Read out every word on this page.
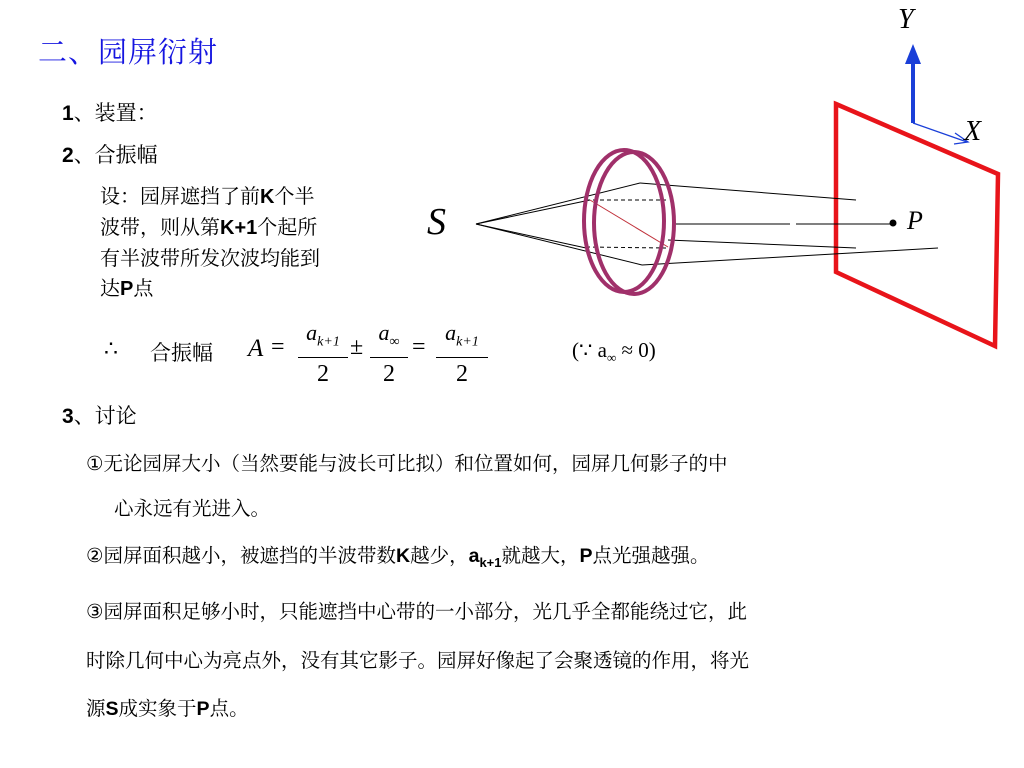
二、园屏衍射
1、装置：
2、合振幅
设：园屏遮挡了前K个半
波带，则从第K+1个起所
有半波带所发次波均能到
达P点
∴ 合振幅 A =
$a_{k+1}$
2
±
$a_\infty$
2
=
$a_{k+1}$
2
(∵ $a_\infty \approx 0$)
3、讨论
①无论园屏大小（当然要能与波长可比拟）和位置如何，园屏几何影子的中
心永远有光进入。
②园屏面积越小，被遮挡的半波带数K越少，$a_{k+1}$就越大，P点光强越强。
③园屏面积足够小时，只能遮挡中心带的一小部分，光几乎全都能绕过它，此
时除几何中心为亮点外，没有其它影子。园屏好像起了会聚透镜的作用，将光
源S成实象于P点。
S	P
Y
X
